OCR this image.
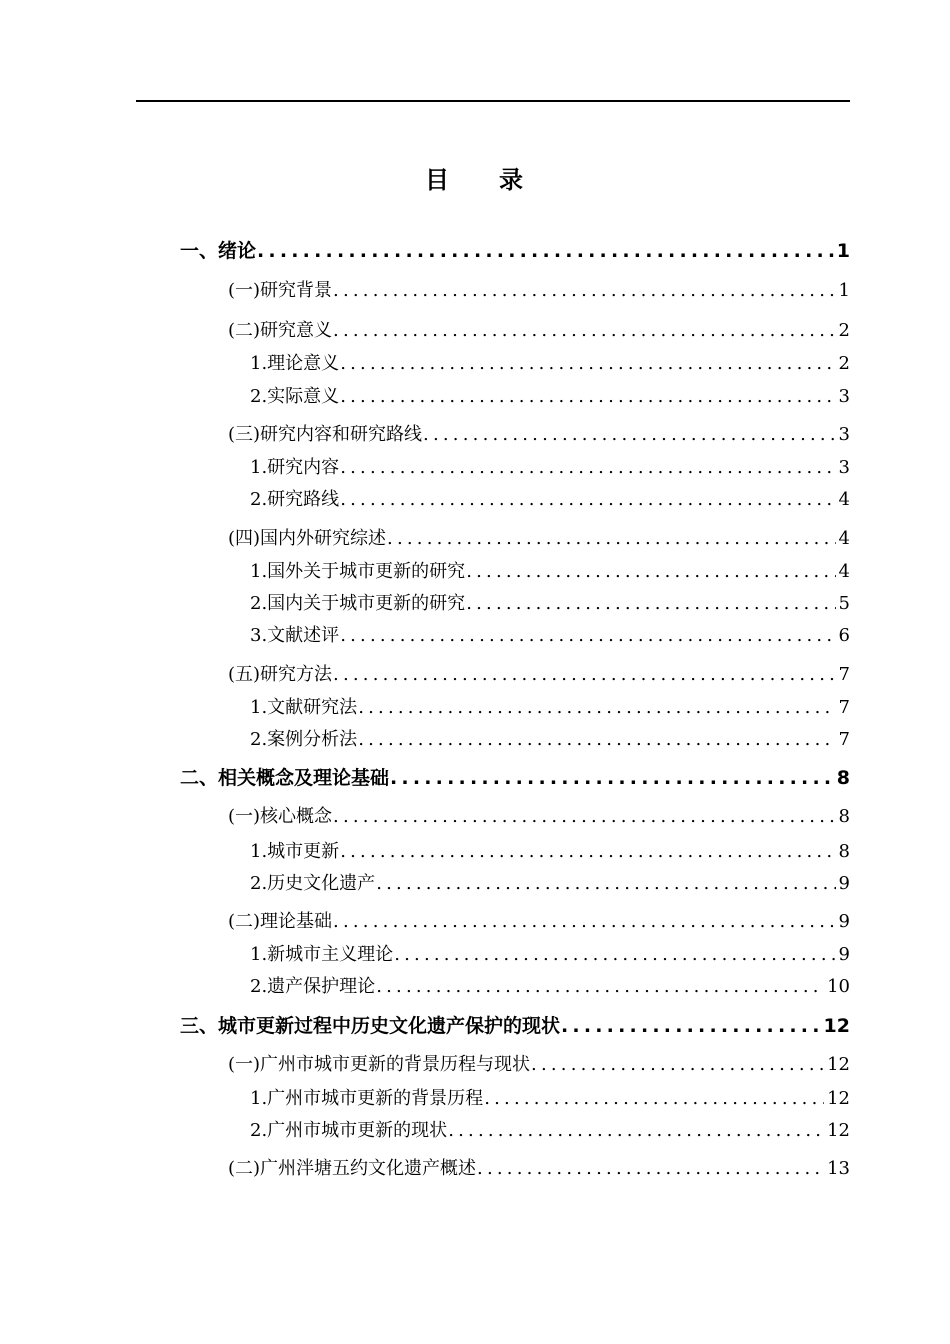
目 录
一、绪论 .....	1
(一)研究背景 .....	1
(二)研究意义 .....	2
1.理论意义 .....	2
2.实际意义 .....	3
(三)研究内容和研究路线 .....	3
1.研究内容 .....	3
2.研究路线 .....	4
(四)国内外研究综述 .....	4
1.国外关于城市更新的研究 .....	4
2.国内关于城市更新的研究 .....	5
3.文献述评 .....	6
(五)研究方法 .....	7
1.文献研究法 .....	7
2.案例分析法 .....	7
二、相关概念及理论基础 .....	8
(一)核心概念 .....	8
1.城市更新 .....	8
2.历史文化遗产 .....	9
(二)理论基础 .....	9
1.新城市主义理论 .....	9
2.遗产保护理论 .....	10
三、城市更新过程中历史文化遗产保护的现状 .....	12
(一)广州市城市更新的背景历程与现状 .....	12
1.广州市城市更新的背景历程 .....	12
2.广州市城市更新的现状 .....	12
(二)广州泮塘五约文化遗产概述 .....	13
